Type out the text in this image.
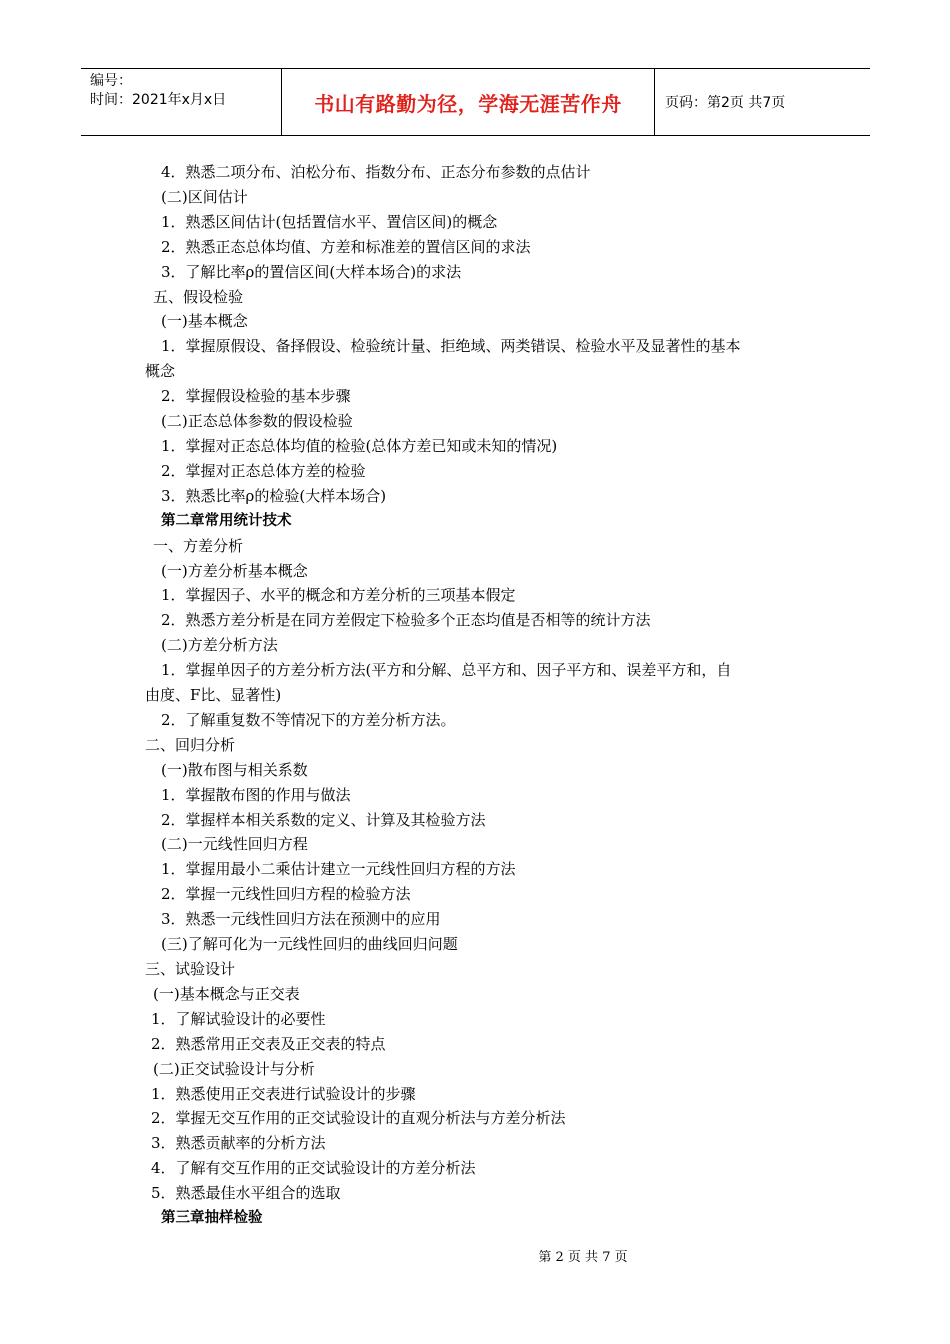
编号：
时间：2021年x月x日	书山有路勤为径，学海无涯苦作舟	页码：第2页 共7页
4．熟悉二项分布、泊松分布、指数分布、正态分布参数的点估计
(二)区间估计
1．熟悉区间估计(包括置信水平、置信区间)的概念
2．熟悉正态总体均值、方差和标准差的置信区间的求法
3．了解比率ρ的置信区间(大样本场合)的求法
五、假设检验
(一)基本概念
1．掌握原假设、备择假设、检验统计量、拒绝域、两类错误、检验水平及显著性的基本
概念
2．掌握假设检验的基本步骤
(二)正态总体参数的假设检验
1．掌握对正态总体均值的检验(总体方差已知或未知的情况)
2．掌握对正态总体方差的检验
3．熟悉比率ρ的检验(大样本场合)
第二章常用统计技术
一、方差分析
(一)方差分析基本概念
1．掌握因子、水平的概念和方差分析的三项基本假定
2．熟悉方差分析是在同方差假定下检验多个正态均值是否相等的统计方法
(二)方差分析方法
1．掌握单因子的方差分析方法(平方和分解、总平方和、因子平方和、误差平方和，自
由度、F比、显著性)
2．了解重复数不等情况下的方差分析方法。
二、回归分析
(一)散布图与相关系数
1．掌握散布图的作用与做法
2．掌握样本相关系数的定义、计算及其检验方法
(二)一元线性回归方程
1．掌握用最小二乘估计建立一元线性回归方程的方法
2．掌握一元线性回归方程的检验方法
3．熟悉一元线性回归方法在预测中的应用
(三)了解可化为一元线性回归的曲线回归问题
三、试验设计
(一)基本概念与正交表
1．了解试验设计的必要性
2．熟悉常用正交表及正交表的特点
(二)正交试验设计与分析
1．熟悉使用正交表进行试验设计的步骤
2．掌握无交互作用的正交试验设计的直观分析法与方差分析法
3．熟悉贡献率的分析方法
4．了解有交互作用的正交试验设计的方差分析法
5．熟悉最佳水平组合的选取
第三章抽样检验
第 2 页 共 7 页
